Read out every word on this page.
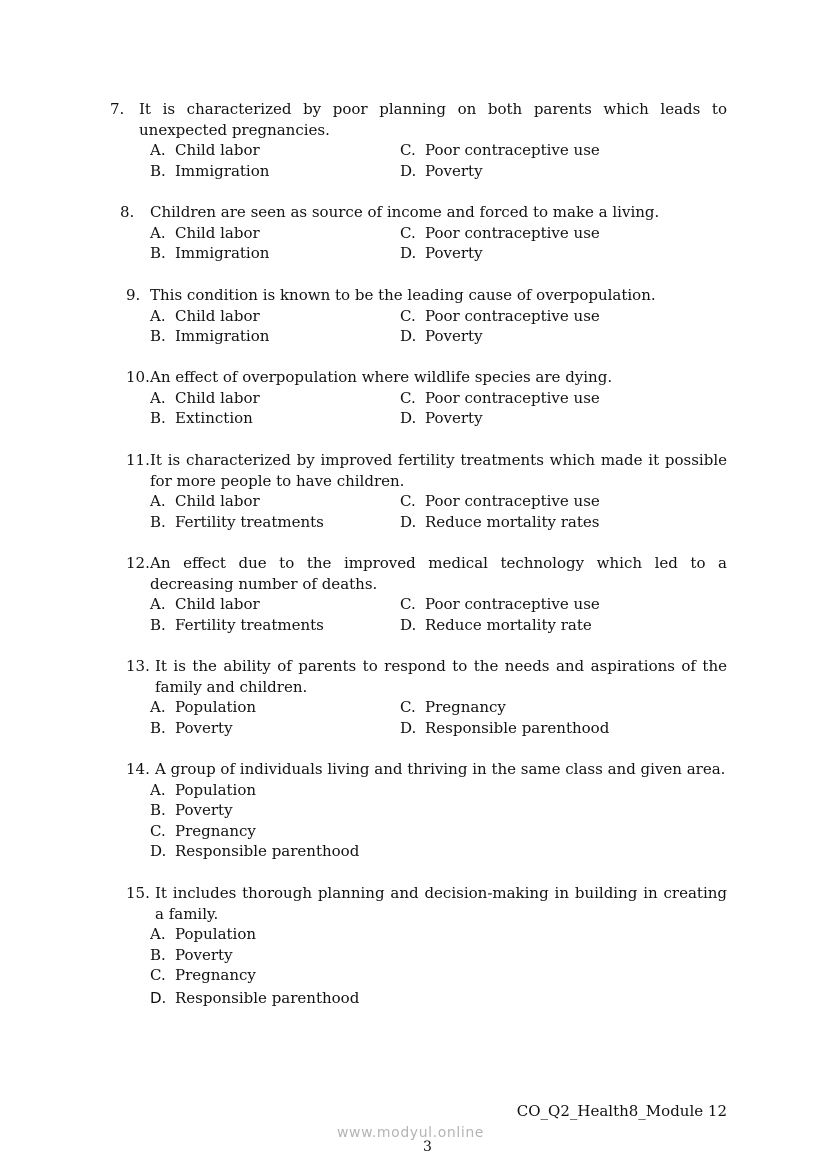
7. It is characterized by poor planning on both parents which leads to unexpected pregnancies.
A. Child labor	C. Poor contraceptive use
B. Immigration	D. Poverty
8.	Children are seen as source of income and forced to make a living.
A. Child labor	C. Poor contraceptive use
B. Immigration	D. Poverty
9. This condition is known to be the leading cause of overpopulation.
A. Child labor	C. Poor contraceptive use
B. Immigration	D. Poverty
10. An effect of overpopulation where wildlife species are dying.
A. Child labor	C. Poor contraceptive use
B. Extinction	D. Poverty
11. It is characterized by improved fertility treatments which made it possible for more people to have children.
A. Child labor	C. Poor contraceptive use
B. Fertility treatments	D. Reduce mortality rates
12. An effect due to the improved medical technology which led to a decreasing number of deaths.
A. Child labor	C. Poor contraceptive use
B. Fertility treatments	D. Reduce mortality rate
13. It is the ability of parents to respond to the needs and aspirations of the family and children.
A. Population	C. Pregnancy
B. Poverty	D. Responsible parenthood
14. A group of individuals living and thriving in the same class and given area.
A. Population
B. Poverty
C. Pregnancy
D. Responsible parenthood
15. It includes thorough planning and decision-making in building in creating a family.
A. Population
B. Poverty
C. Pregnancy
D. Responsible parenthood
CO_Q2_Health8_Module 12
www.modyul.online
3
